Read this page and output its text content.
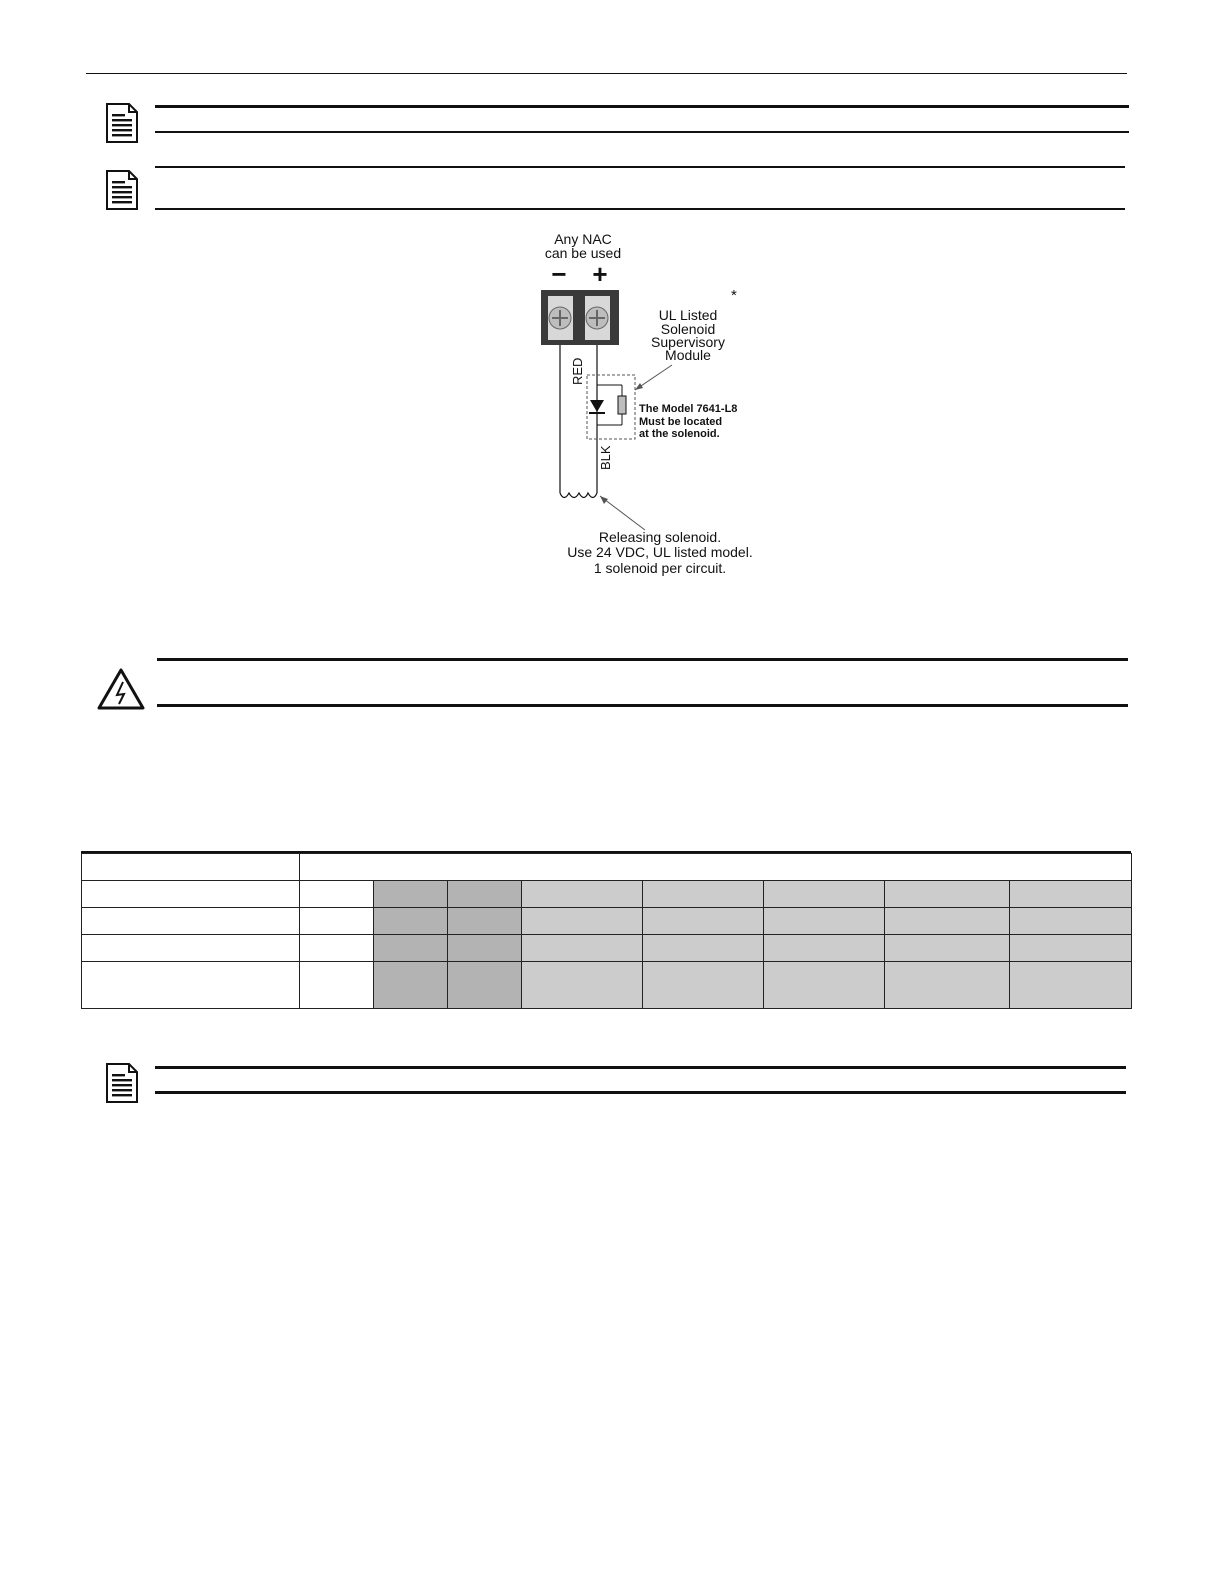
Any NAC
can be used
− +
*
UL Listed
Solenoid
Supervisory
Module
RED
BLK
The Model 7641-L8
Must be located
at the solenoid.
Releasing solenoid.
Use 24 VDC, UL listed model.
1 solenoid per circuit.
